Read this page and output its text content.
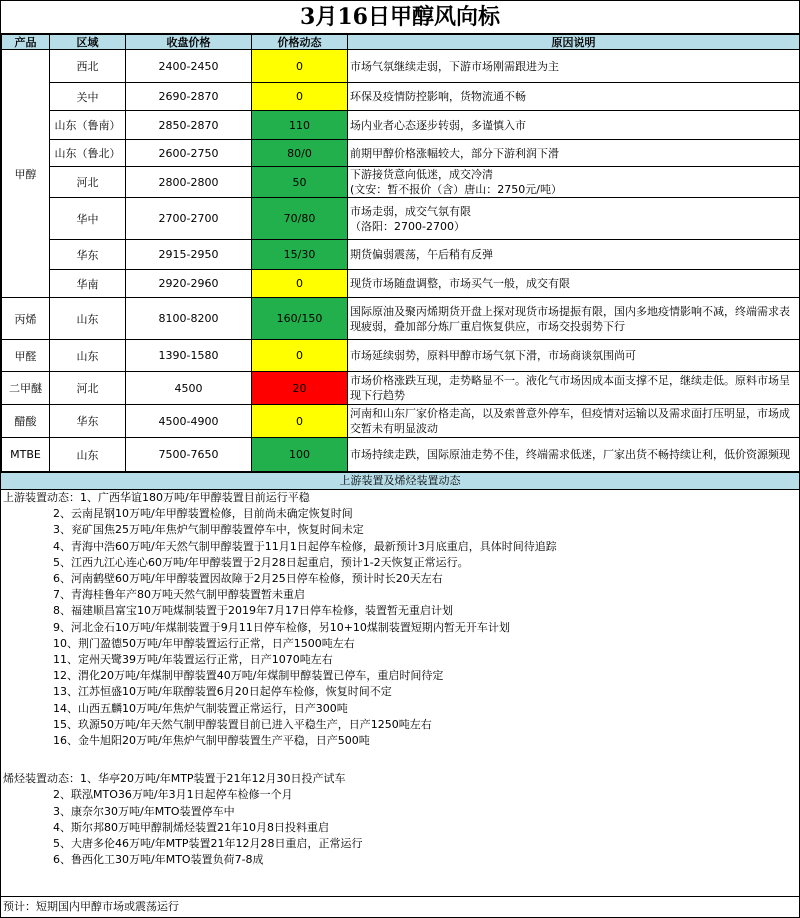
3月16日甲醇风向标
产品	区域	收盘价格	价格动态	原因说明
甲醇	西北	2400-2450	0	市场气氛继续走弱，下游市场刚需跟进为主
	关中	2690-2870	0	环保及疫情防控影响，货物流通不畅
	山东（鲁南）	2850-2870	110	场内业者心态逐步转弱，多谨慎入市
	山东（鲁北）	2600-2750	80/0	前期甲醇价格涨幅较大，部分下游利润下滑
	河北	2800-2800	50	下游接货意向低迷，成交冷清
(文安：暂不报价（含）唐山：2750元/吨）
	华中	2700-2700	70/80	市场走弱，成交气氛有限
（洛阳：2700-2700）
	华东	2915-2950	15/30	期货偏弱震荡，午后稍有反弹
	华南	2920-2960	0	现货市场随盘调整，市场买气一般，成交有限
丙烯	山东	8100-8200	160/150	国际原油及聚丙烯期货开盘上探对现货市场提振有限，国内多地疫情影响不减，终端需求表现疲弱，叠加部分炼厂重启恢复供应，市场交投弱势下行
甲醛	山东	1390-1580	0	市场延续弱势，原料甲醇市场气氛下滑，市场商谈氛围尚可
二甲醚	河北	4500	20	市场价格涨跌互现，走势略显不一。液化气市场因成本面支撑不足，继续走低。原料市场呈现下行趋势
醋酸	华东	4500-4900	0	河南和山东厂家价格走高，以及索普意外停车，但疫情对运输以及需求面打压明显，市场成交暂未有明显波动
MTBE	山东	7500-7650	100	市场持续走跌，国际原油走势不佳，终端需求低迷，厂家出货不畅持续让利，低价资源频现
上游装置及烯烃装置动态
上游装置动态：1、广西华谊180万吨/年甲醇装置目前运行平稳
2、云南昆钢10万吨/年甲醇装置检修，目前尚未确定恢复时间
3、兖矿国焦25万吨/年焦炉气制甲醇装置停车中，恢复时间未定
4、青海中浩60万吨/年天然气制甲醇装置于11月1日起停车检修，最新预计3月底重启，具体时间待追踪
5、江西九江心连心60万吨/年甲醇装置于2月28日起重启，预计1-2天恢复正常运行。
6、河南鹤壁60万吨/年甲醇装置因故障于2月25日停车检修，预计时长20天左右
7、青海桂鲁年产80万吨天然气制甲醇装置暂未重启
8、福建顺昌富宝10万吨煤制装置于2019年7月17日停车检修，装置暂无重启计划
9、河北金石10万吨/年煤制装置于9月11日停车检修，另10+10煤制装置短期内暂无开车计划
10、荆门盈德50万吨/年甲醇装置运行正常，日产1500吨左右
11、定州天鹭39万吨/年装置运行正常，日产1070吨左右
12、渭化20万吨/年煤制甲醇装置40万吨/年煤制甲醇装置已停车，重启时间待定
13、江苏恒盛10万吨/年联醇装置6月20日起停车检修，恢复时间不定
14、山西五麟10万吨/年焦炉气制装置正常运行，日产300吨
15、玖源50万吨/年天然气制甲醇装置目前已进入平稳生产，日产1250吨左右
16、金牛旭阳20万吨/年焦炉气制甲醇装置生产平稳，日产500吨
烯烃装置动态：1、华亭20万吨/年MTP装置于21年12月30日投产试车
2、联泓MTO36万吨/年3月1日起停车检修一个月
3、康奈尔30万吨/年MTO装置停车中
4、斯尔邦80万吨甲醇制烯烃装置21年10月8日投料重启
5、大唐多伦46万吨/年MTP装置21年12月28日重启，正常运行
6、鲁西化工30万吨/年MTO装置负荷7-8成
预计：短期国内甲醇市场或震荡运行
